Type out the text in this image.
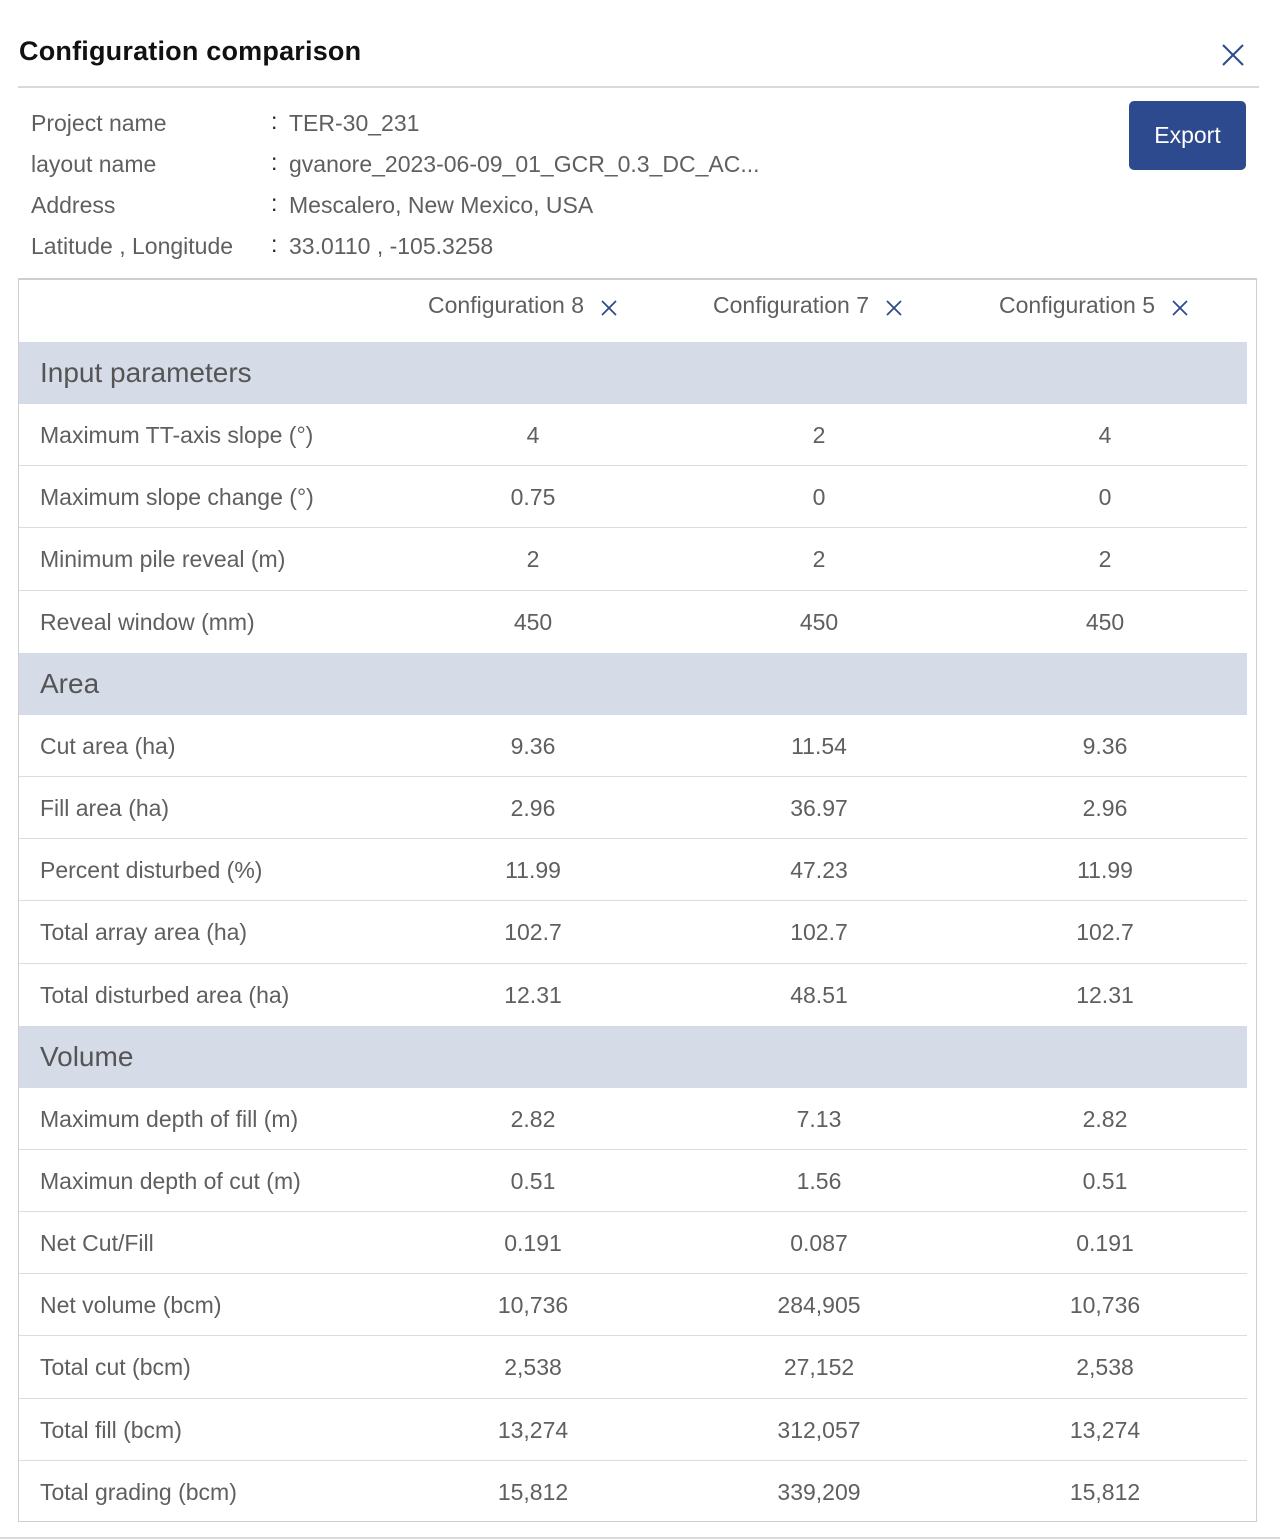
Configuration comparison
Project name	: TER-30_231
layout name	: gvanore_2023-06-09_01_GCR_0.3_DC_AC...
Address	: Mescalero, New Mexico, USA
Latitude , Longitude : 33.0110 , -105.3258
Export
Configuration 8	Configuration 7	Configuration 5
Input parameters
Maximum TT-axis slope (°)	4	2	4
Maximum slope change (°)	0.75	0	0
Minimum pile reveal (m)	2	2	2
Reveal window (mm)	450	450	450
Area
Cut area (ha)	9.36	11.54	9.36
Fill area (ha)	2.96	36.97	2.96
Percent disturbed (%)	11.99	47.23	11.99
Total array area (ha)	102.7	102.7	102.7
Total disturbed area (ha)	12.31	48.51	12.31
Volume
Maximum depth of fill (m)	2.82	7.13	2.82
Maximun depth of cut (m)	0.51	1.56	0.51
Net Cut/Fill	0.191	0.087	0.191
Net volume (bcm)	10,736	284,905	10,736
Total cut (bcm)	2,538	27,152	2,538
Total fill (bcm)	13,274	312,057	13,274
Total grading (bcm)	15,812	339,209	15,812
